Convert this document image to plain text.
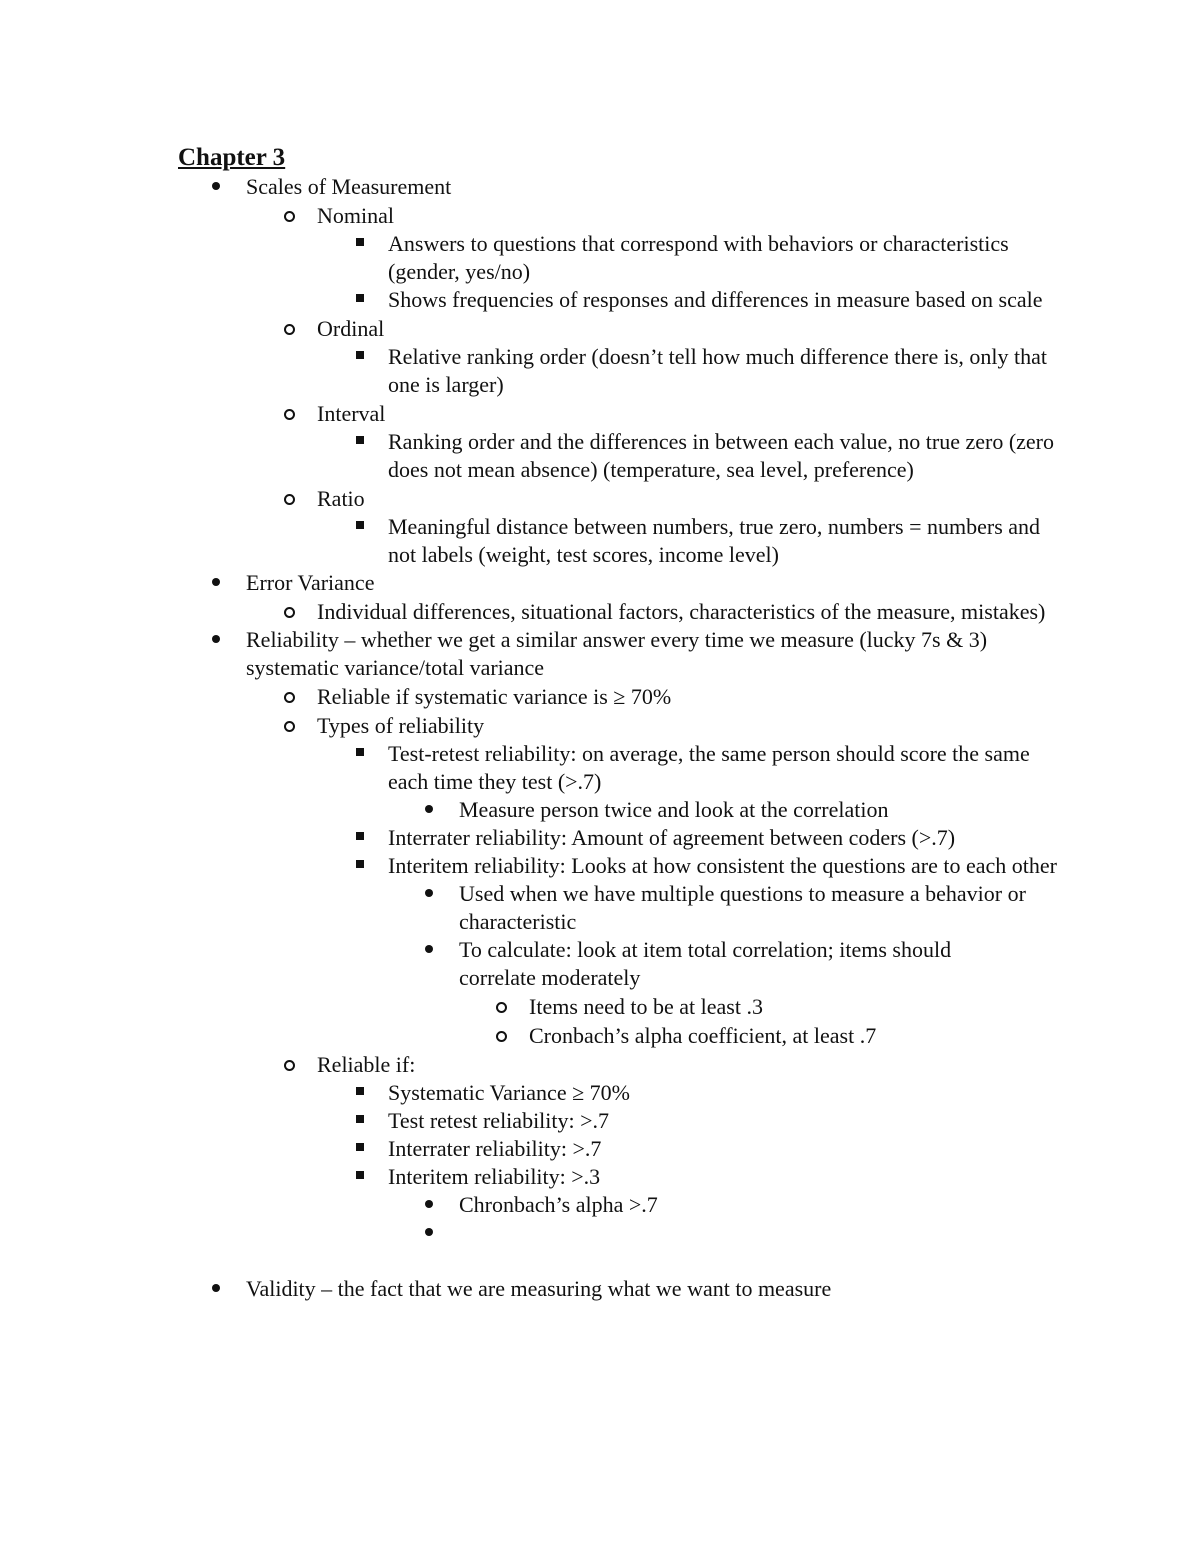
Chapter 3
Scales of Measurement
Nominal
Answers to questions that correspond with behaviors or characteristics (gender, yes/no)
Shows frequencies of responses and differences in measure based on scale
Ordinal
Relative ranking order (doesn’t tell how much difference there is, only that one is larger)
Interval
Ranking order and the differences in between each value, no true zero (zero does not mean absence) (temperature, sea level, preference)
Ratio
Meaningful distance between numbers, true zero, numbers = numbers and not labels (weight, test scores, income level)
Error Variance
Individual differences, situational factors, characteristics of the measure, mistakes)
Reliability – whether we get a similar answer every time we measure (lucky 7s & 3) systematic variance/total variance
Reliable if systematic variance is ≥ 70%
Types of reliability
Test-retest reliability: on average, the same person should score the same each time they test (>.7)
Measure person twice and look at the correlation
Interrater reliability: Amount of agreement between coders (>.7)
Interitem reliability: Looks at how consistent the questions are to each other
Used when we have multiple questions to measure a behavior or characteristic
To calculate: look at item total correlation; items should correlate moderately
Items need to be at least .3
Cronbach’s alpha coefficient, at least .7
Reliable if:
Systematic Variance ≥ 70%
Test retest reliability: >.7
Interrater reliability: >.7
Interitem reliability: >.3
Chronbach’s alpha >.7
Validity – the fact that we are measuring what we want to measure
